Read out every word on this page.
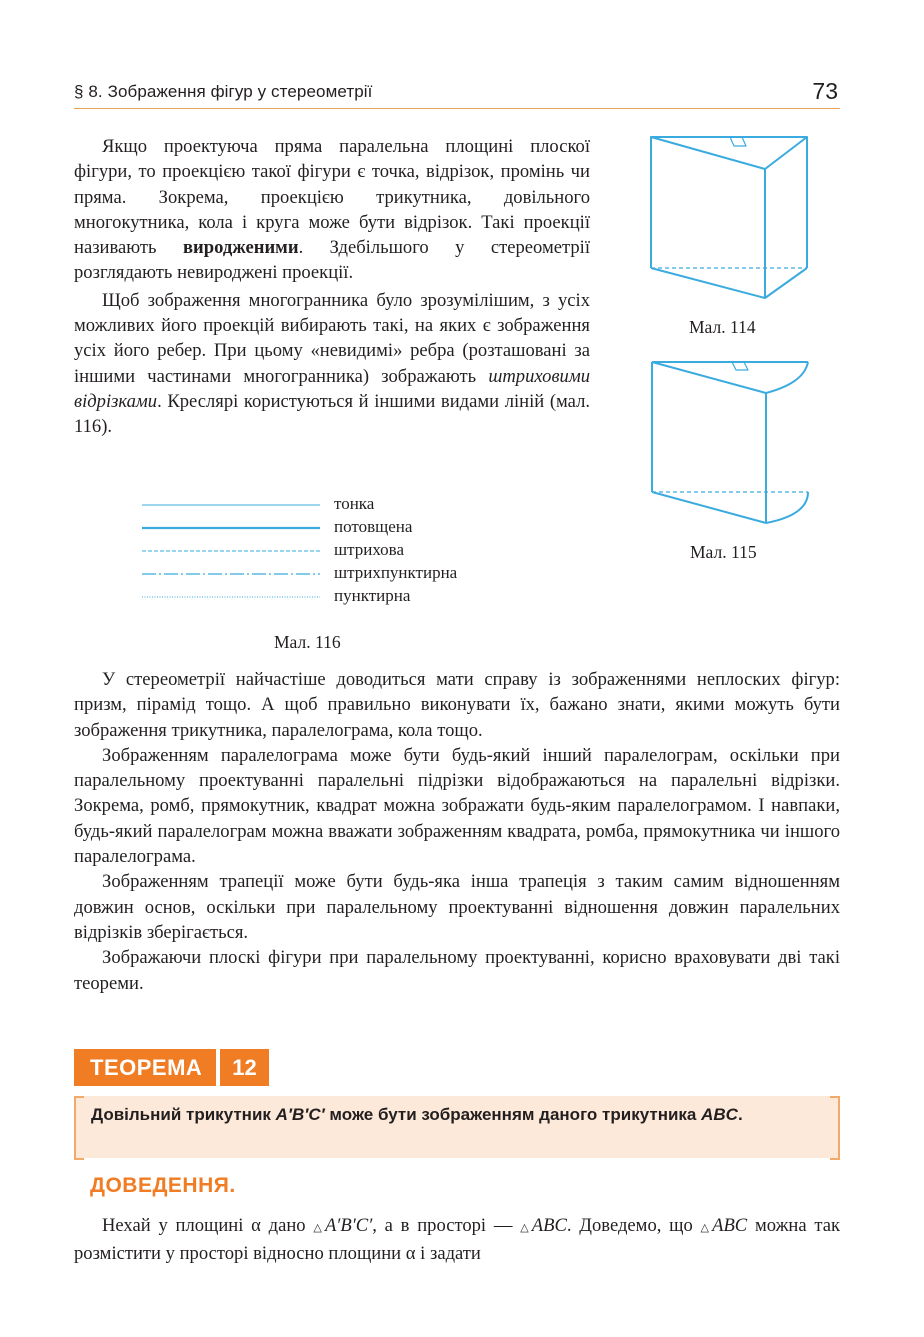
§ 8. Зображення фігур у стереометрії	73

Якщо проектуюча пряма паралельна площині плоскої фігури, то проекцією такої фігури є точка, відрізок, промінь чи пряма. Зокрема, проекцією трикутника, довільного многокутника, кола і круга може бути відрізок. Такі проекції називають виродженими. Здебільшого у стереометрії розглядають невироджені проекції.

Щоб зображення многогранника було зрозумілішим, з усіх можливих його проекцій вибирають такі, на яких є зображення усіх його ребер. При цьому «невидимі» ребра (розташовані за іншими частинами многогранника) зображають штриховими відрізками. Креслярі користуються й іншими видами ліній (мал. 116).

Мал. 114
Мал. 115
тонка
потовщена
штрихова
штрихпунктирна
пунктирна
Мал. 116

У стереометрії найчастіше доводиться мати справу із зображеннями неплоских фігур: призм, пірамід тощо. А щоб правильно виконувати їх, бажано знати, якими можуть бути зображення трикутника, паралелограма, кола тощо.

Зображенням паралелограма може бути будь-який інший паралелограм, оскільки при паралельному проектуванні паралельні підрізки відображаються на паралельні відрізки. Зокрема, ромб, прямокутник, квадрат можна зображати будь-яким паралелограмом. І навпаки, будь-який паралелограм можна вважати зображенням квадрата, ромба, прямокутника чи іншого паралелограма.

Зображенням трапеції може бути будь-яка інша трапеція з таким самим відношенням довжин основ, оскільки при паралельному проектуванні відношення довжин паралельних відрізків зберігається.

Зображаючи плоскі фігури при паралельному проектуванні, корисно враховувати дві такі теореми.

ТЕОРЕМА	12
Довільний трикутник A′B′C′ може бути зображенням даного трикутника ABC.
ДОВЕДЕННЯ.

Нехай у площині α дано △A′B′C′, а в просторі — △ABC. Доведемо, що △ABC можна так розмістити у просторі відносно площини α і задати
